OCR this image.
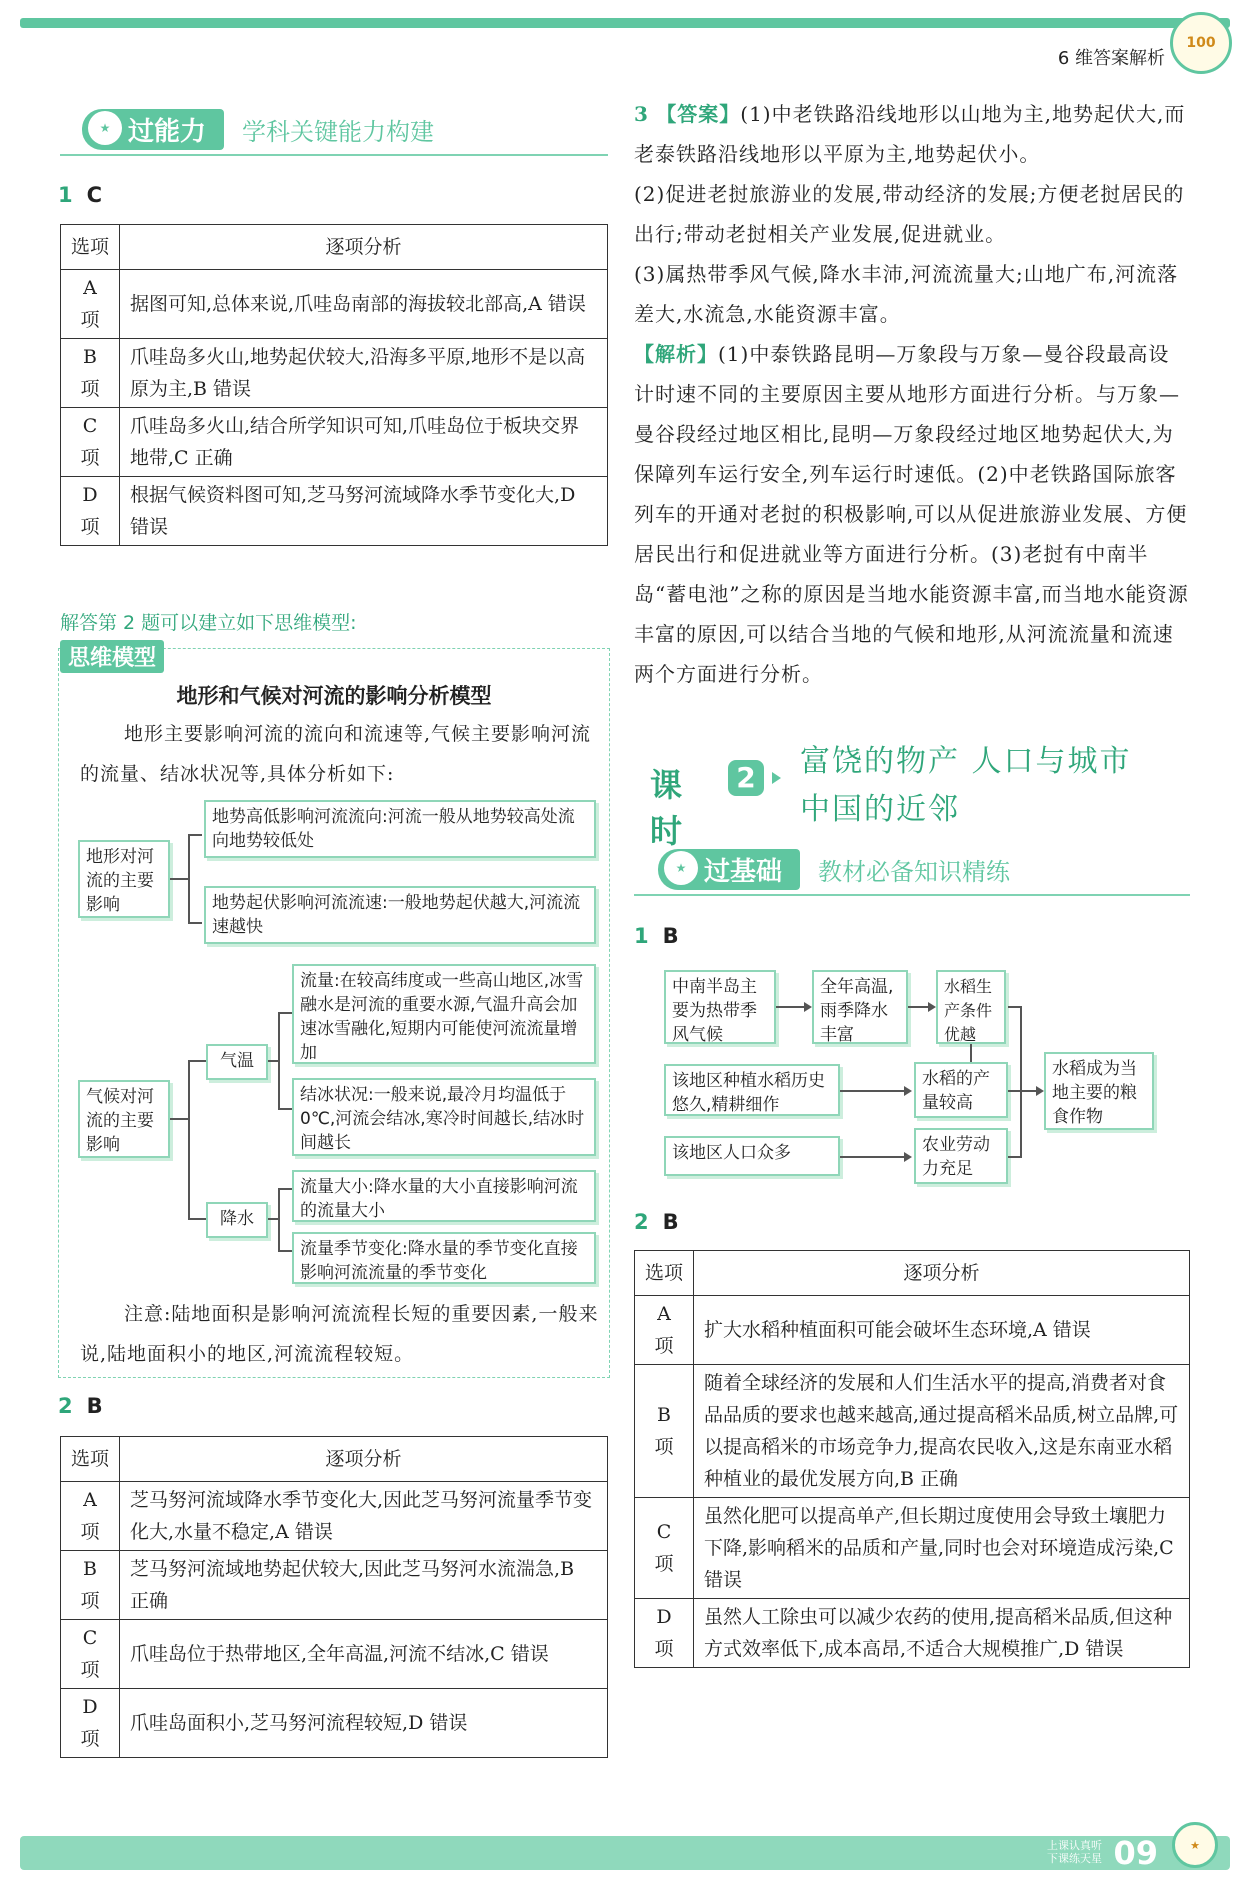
6 维答案解析
100
★ 过能力	学科关键能力构建
1 C
选项	逐项分析
A 项	据图可知,总体来说,爪哇岛南部的海拔较北部高,A 错误
B 项	爪哇岛多火山,地势起伏较大,沿海多平原,地形不是以高原为主,B 错误
C 项	爪哇岛多火山,结合所学知识可知,爪哇岛位于板块交界地带,C 正确
D 项	根据气候资料图可知,芝马努河流域降水季节变化大,D 错误
解答第 2 题可以建立如下思维模型:
思维模型
地形和气候对河流的影响分析模型
地形主要影响河流的流向和流速等,气候主要影响河流的流量、结冰状况等,具体分析如下:
地形对河流的主要影响
地势高低影响河流流向:河流一般从地势较高处流向地势较低处
地势起伏影响河流流速:一般地势起伏越大,河流流速越快
气候对河流的主要影响
气温
降水
流量:在较高纬度或一些高山地区,冰雪融水是河流的重要水源,气温升高会加速冰雪融化,短期内可能使河流流量增加
结冰状况:一般来说,最冷月均温低于0℃,河流会结冰,寒冷时间越长,结冰时间越长
流量大小:降水量的大小直接影响河流的流量大小
流量季节变化:降水量的季节变化直接影响河流流量的季节变化
注意:陆地面积是影响河流流程长短的重要因素,一般来说,陆地面积小的地区,河流流程较短。
2 B
选项	逐项分析
A 项	芝马努河流域降水季节变化大,因此芝马努河流量季节变化大,水量不稳定,A 错误
B 项	芝马努河流域地势起伏较大,因此芝马努河水流湍急,B 正确
C 项	爪哇岛位于热带地区,全年高温,河流不结冰,C 错误
D 项	爪哇岛面积小,芝马努河流程较短,D 错误

3 【答案】(1)中老铁路沿线地形以山地为主,地势起伏大,而老泰铁路沿线地形以平原为主,地势起伏小。

(2)促进老挝旅游业的发展,带动经济的发展;方便老挝居民的出行;带动老挝相关产业发展,促进就业。

(3)属热带季风气候,降水丰沛,河流流量大;山地广布,河流落差大,水流急,水能资源丰富。

【解析】(1)中泰铁路昆明—万象段与万象—曼谷段最高设计时速不同的主要原因主要从地形方面进行分析。与万象—曼谷段经过地区相比,昆明—万象段经过地区地势起伏大,为保障列车运行安全,列车运行时速低。(2)中老铁路国际旅客列车的开通对老挝的积极影响,可以从促进旅游业发展、方便居民出行和促进就业等方面进行分析。(3)老挝有中南半岛“蓄电池”之称的原因是当地水能资源丰富,而当地水能资源丰富的原因,可以结合当地的气候和地形,从河流流量和流速两个方面进行分析。

课时
2 富饶的物产 人口与城市
中国的近邻
★ 过基础	教材必备知识精练
1 B
中南半岛主要为热带季风气候
全年高温,雨季降水丰富
水稻生产条件优越
该地区种植水稻历史悠久,精耕细作
水稻的产量较高
该地区人口众多	农业劳动力充足
水稻成为当地主要的粮食作物
2 B
选项	逐项分析
A 项	扩大水稻种植面积可能会破坏生态环境,A 错误
B 项	随着全球经济的发展和人们生活水平的提高,消费者对食品品质的要求也越来越高,通过提高稻米品质,树立品牌,可以提高稻米的市场竞争力,提高农民收入,这是东南亚水稻种植业的最优发展方向,B 正确
C 项	虽然化肥可以提高单产,但长期过度使用会导致土壤肥力下降,影响稻米的品质和产量,同时也会对环境造成污染,C 错误
D 项	虽然人工除虫可以减少农药的使用,提高稻米品质,但这种方式效率低下,成本高昂,不适合大规模推广,D 错误
上课认真听
下课练天星 09	★
